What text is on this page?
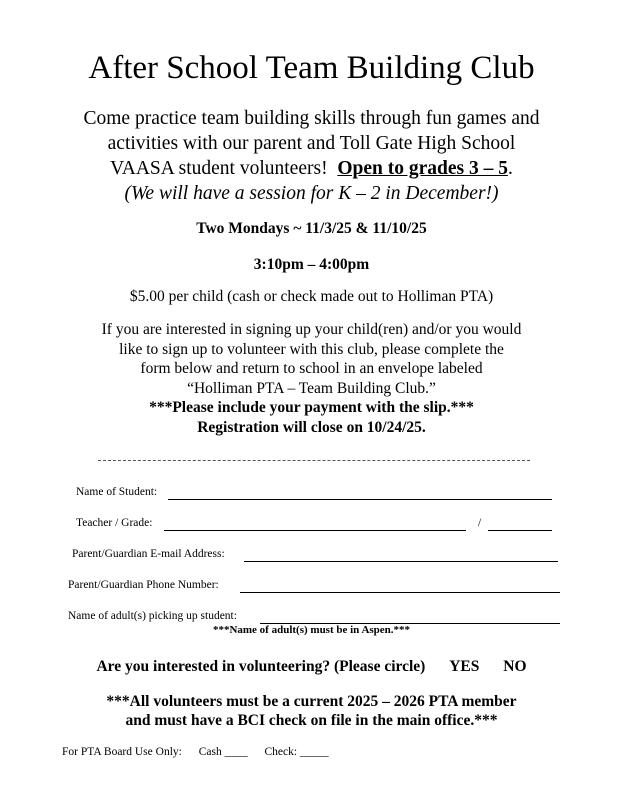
After School Team Building Club
Come practice team building skills through fun games and
activities with our parent and Toll Gate High School
VAASA student volunteers! Open to grades 3 – 5.
(We will have a session for K – 2 in December!)
Two Mondays ~ 11/3/25 & 11/10/25
3:10pm – 4:00pm
$5.00 per child (cash or check made out to Holliman PTA)
If you are interested in signing up your child(ren) and/or you would
like to sign up to volunteer with this club, please complete the
form below and return to school in an envelope labeled
“Holliman PTA – Team Building Club.”
***Please include your payment with the slip.***
Registration will close on 10/24/25.
Name of Student:
Teacher / Grade:	/
Parent/Guardian E-mail Address:
Parent/Guardian Phone Number:
Name of adult(s) picking up student:
***Name of adult(s) must be in Aspen.***
Are you interested in volunteering? (Please circle) YES NO
***All volunteers must be a current 2025 – 2026 PTA member
and must have a BCI check on file in the main office.***
For PTA Board Use Only: Cash ____ Check: _____
